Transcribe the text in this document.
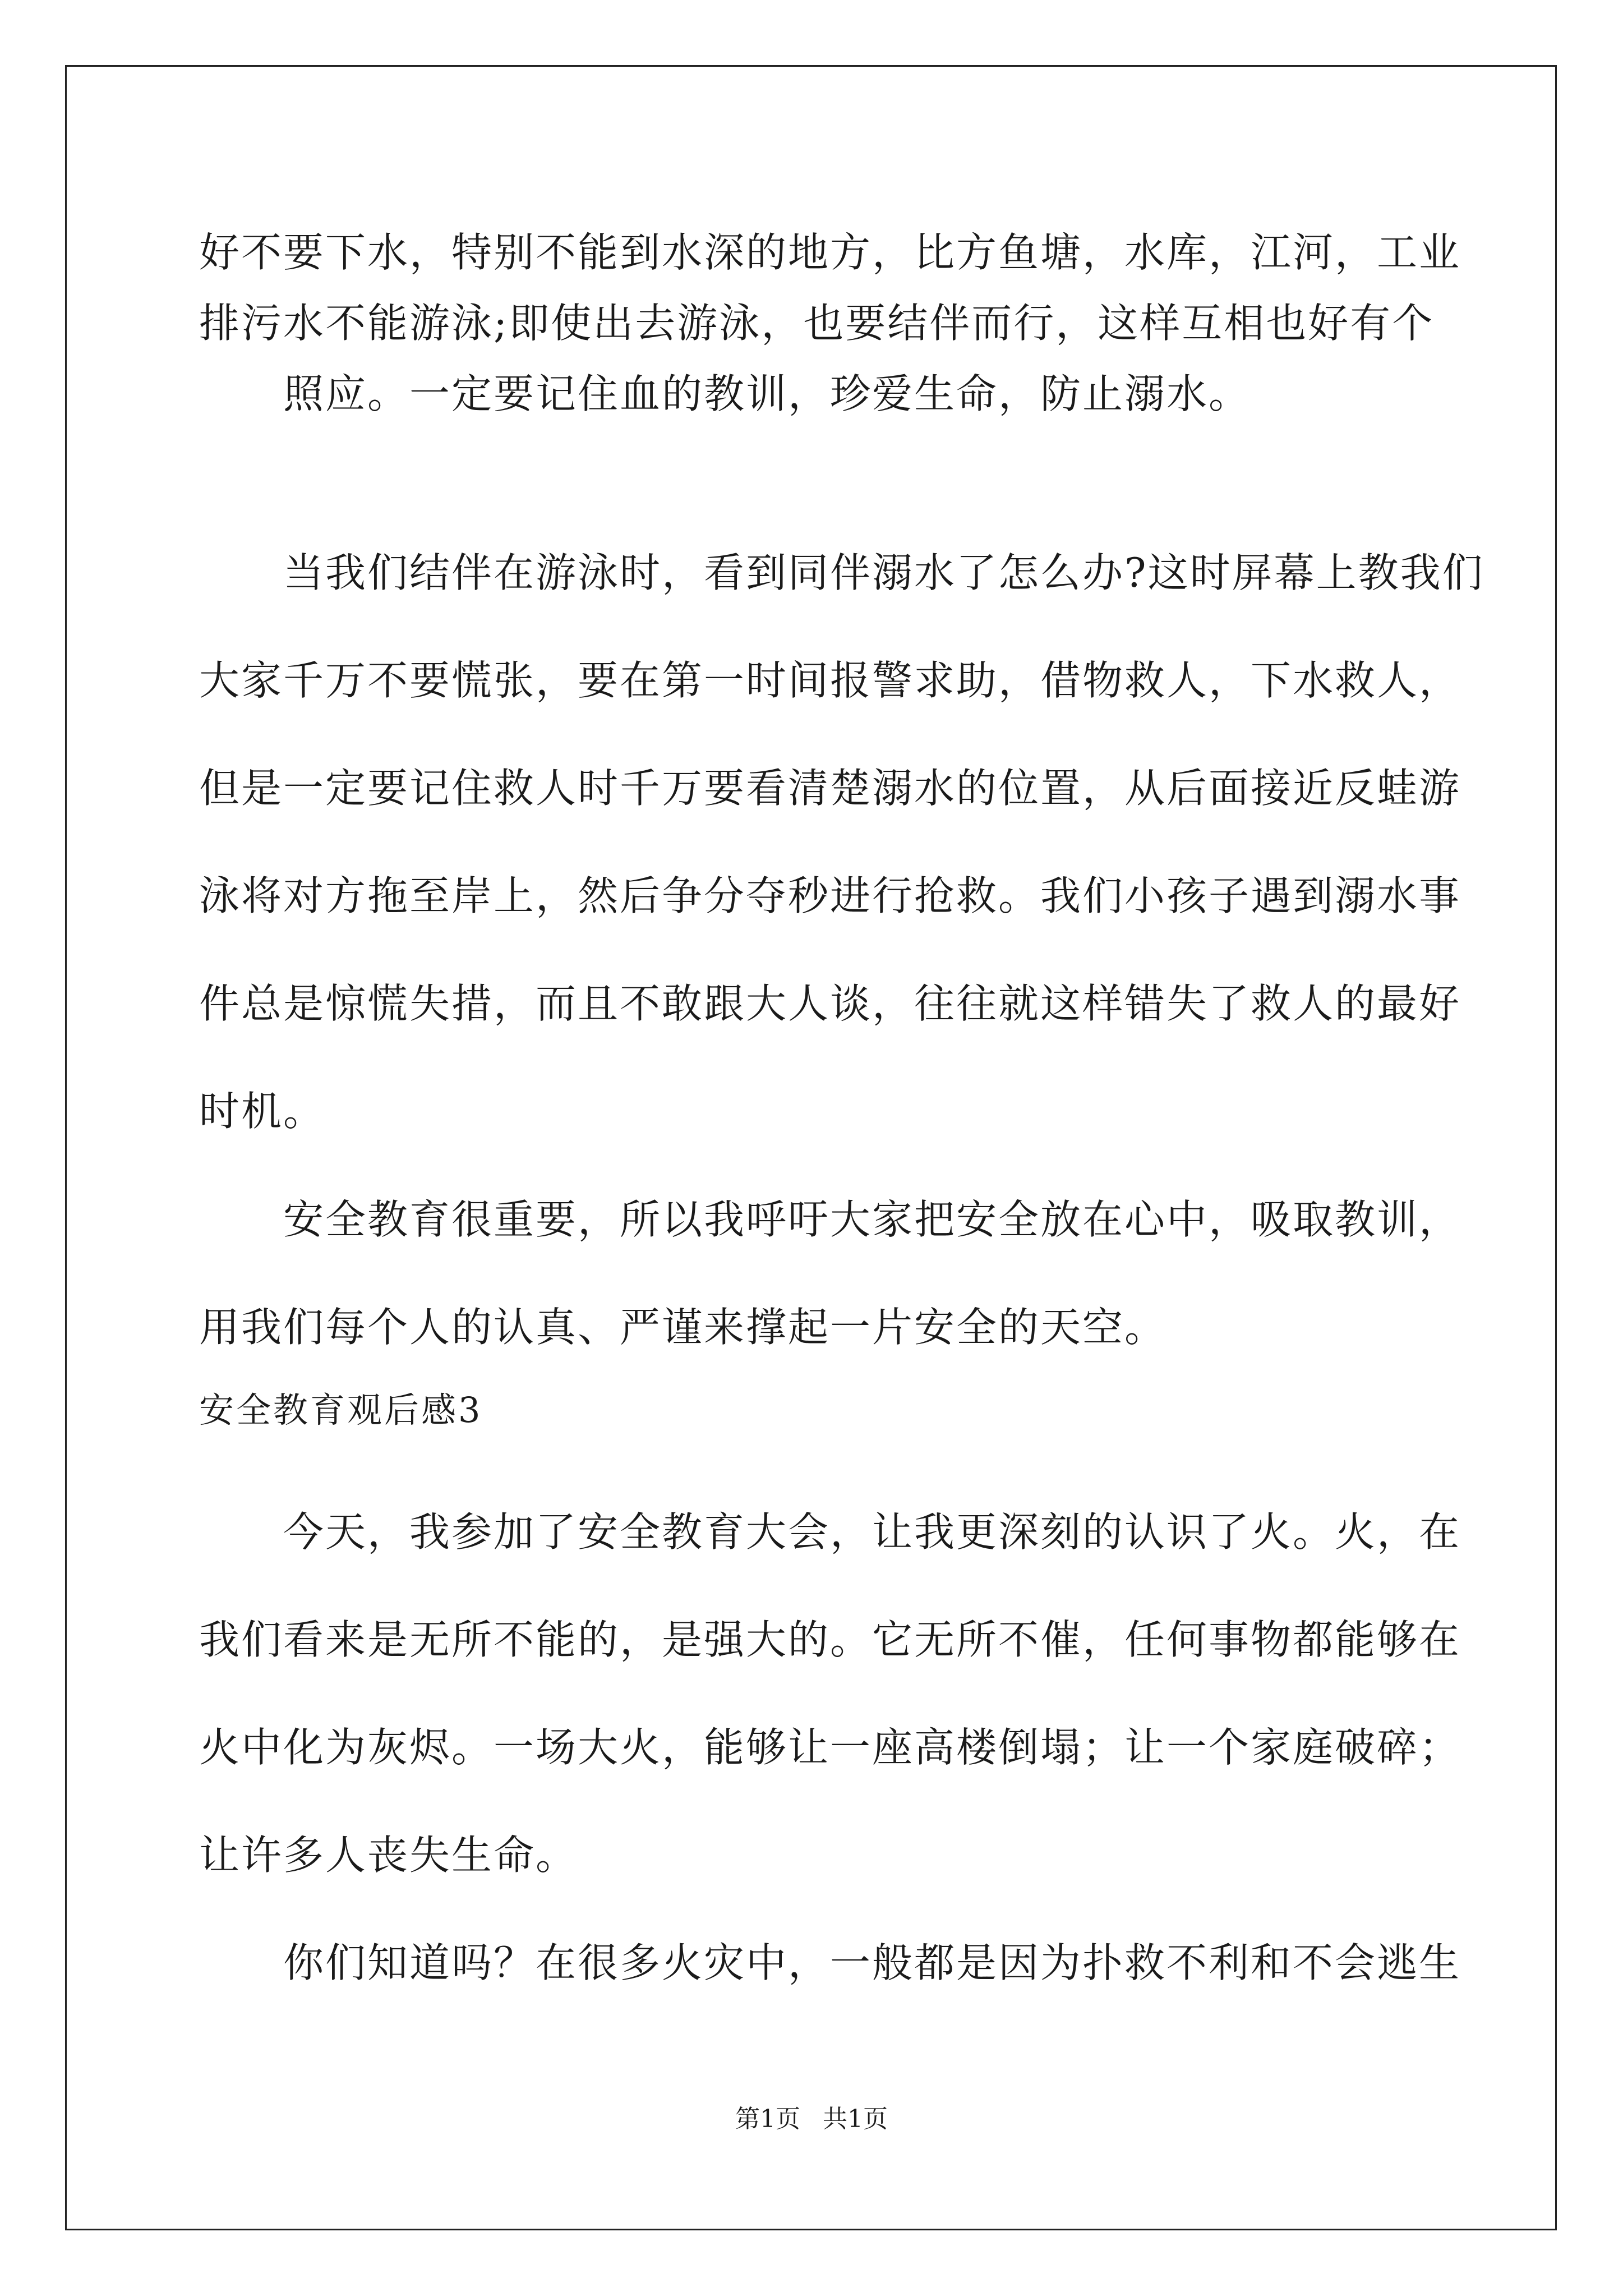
好不要下水，特别不能到水深的地方，比方鱼塘，水库，江河，工业
排污水不能游泳;即使出去游泳，也要结伴而行，这样互相也好有个
照应。一定要记住血的教训，珍爱生命，防止溺水。
当我们结伴在游泳时，看到同伴溺水了怎么办?这时屏幕上教我们
大家千万不要慌张，要在第一时间报警求助，借物救人，下水救人，
但是一定要记住救人时千万要看清楚溺水的位置，从后面接近反蛙游
泳将对方拖至岸上，然后争分夺秒进行抢救。我们小孩子遇到溺水事
件总是惊慌失措，而且不敢跟大人谈，往往就这样错失了救人的最好
时机。
安全教育很重要，所以我呼吁大家把安全放在心中，吸取教训，
用我们每个人的认真、严谨来撑起一片安全的天空。
安全教育观后感3
今天，我参加了安全教育大会，让我更深刻的认识了火。火，在
我们看来是无所不能的，是强大的。它无所不催，任何事物都能够在
火中化为灰烬。一场大火，能够让一座高楼倒塌；让一个家庭破碎；
让许多人丧失生命。
你们知道吗？在很多火灾中，一般都是因为扑救不利和不会逃生
第1页 共1页
